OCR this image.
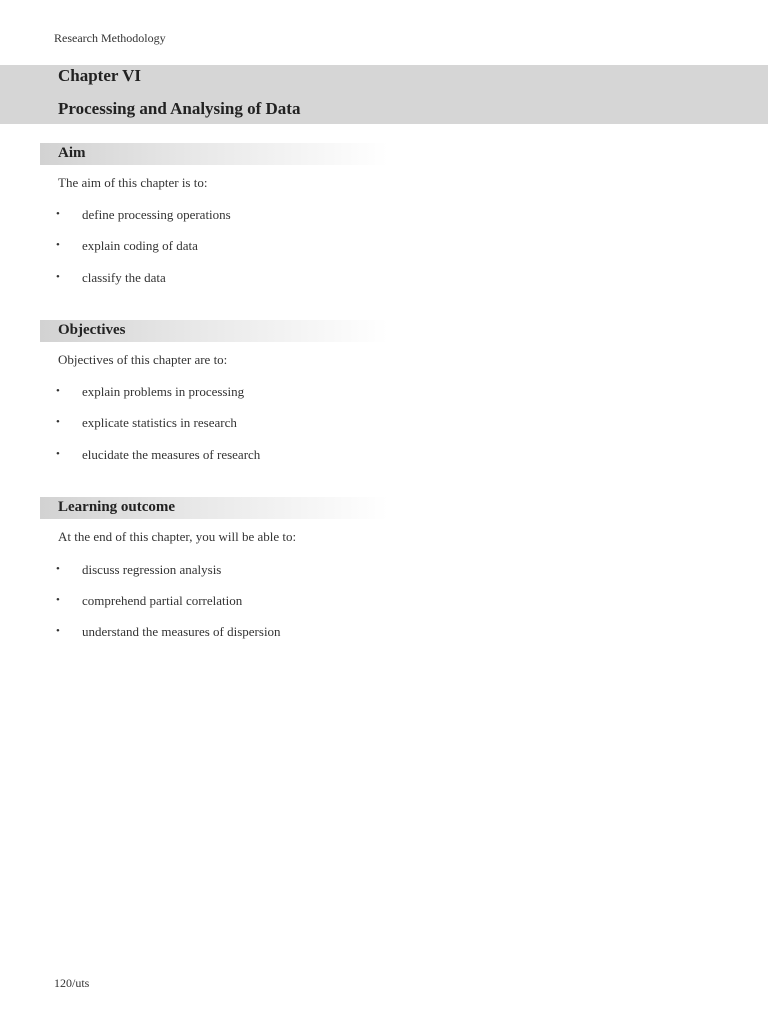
Research Methodology
Chapter VI
Processing and Analysing of Data
Aim
The aim of this chapter is to:
• define processing operations
• explain coding of data
• classify the data
Objectives
Objectives of this chapter are to:
• explain problems in processing
• explicate statistics in research
• elucidate the measures of research
Learning outcome
At the end of this chapter, you will be able to:
• discuss regression analysis
• comprehend partial correlation
• understand the measures of dispersion
120/uts
